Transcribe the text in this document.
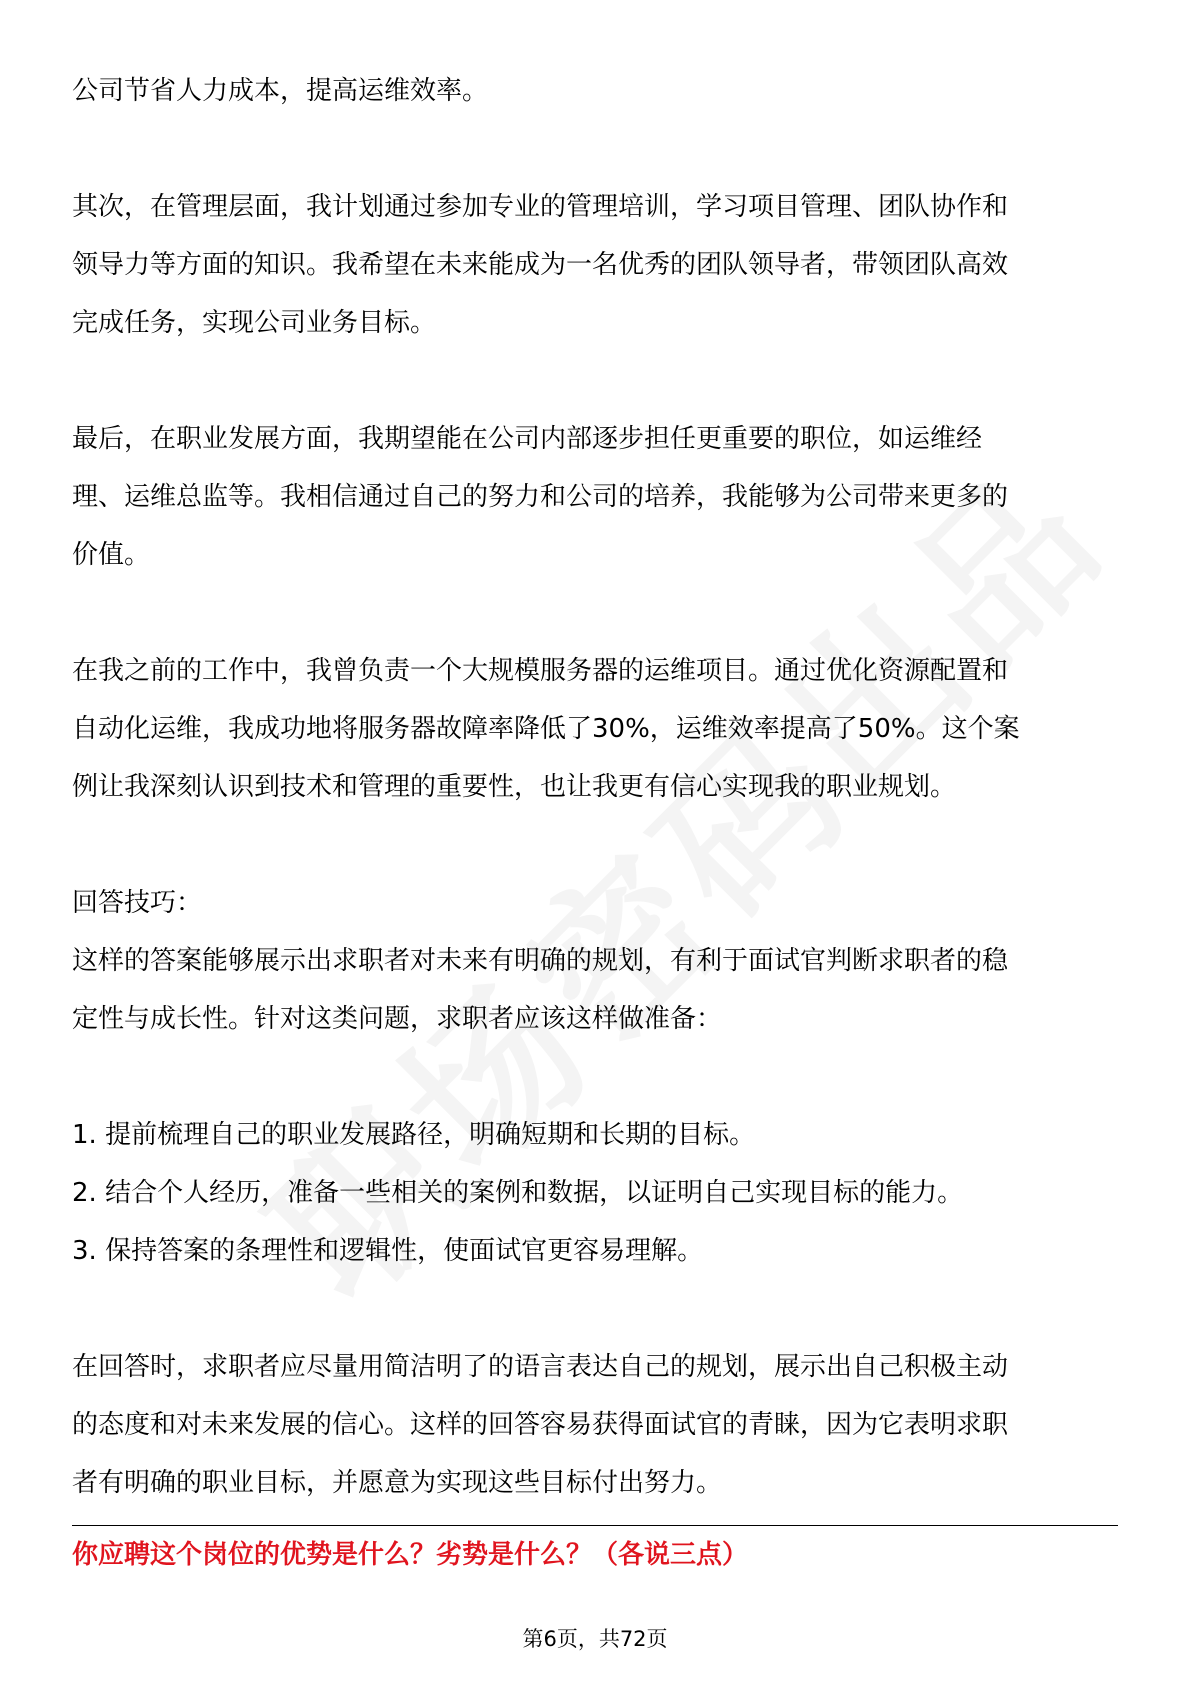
公司节省人力成本，提高运维效率。

其次，在管理层面，我计划通过参加专业的管理培训，学习项目管理、团队协作和
领导力等方面的知识。我希望在未来能成为一名优秀的团队领导者，带领团队高效
完成任务，实现公司业务目标。

最后，在职业发展方面，我期望能在公司内部逐步担任更重要的职位，如运维经
理、运维总监等。我相信通过自己的努力和公司的培养，我能够为公司带来更多的
价值。

在我之前的工作中，我曾负责一个大规模服务器的运维项目。通过优化资源配置和
自动化运维，我成功地将服务器故障率降低了30%，运维效率提高了50%。这个案
例让我深刻认识到技术和管理的重要性，也让我更有信心实现我的职业规划。

回答技巧：
这样的答案能够展示出求职者对未来有明确的规划，有利于面试官判断求职者的稳
定性与成长性。针对这类问题，求职者应该这样做准备：

1. 提前梳理自己的职业发展路径，明确短期和长期的目标。
2. 结合个人经历，准备一些相关的案例和数据，以证明自己实现目标的能力。
3. 保持答案的条理性和逻辑性，使面试官更容易理解。

在回答时，求职者应尽量用简洁明了的语言表达自己的规划，展示出自己积极主动
的态度和对未来发展的信心。这样的回答容易获得面试官的青睐，因为它表明求职
者有明确的职业目标，并愿意为实现这些目标付出努力。

你应聘这个岗位的优势是什么？劣势是什么？（各说三点）
第6页，共72页
